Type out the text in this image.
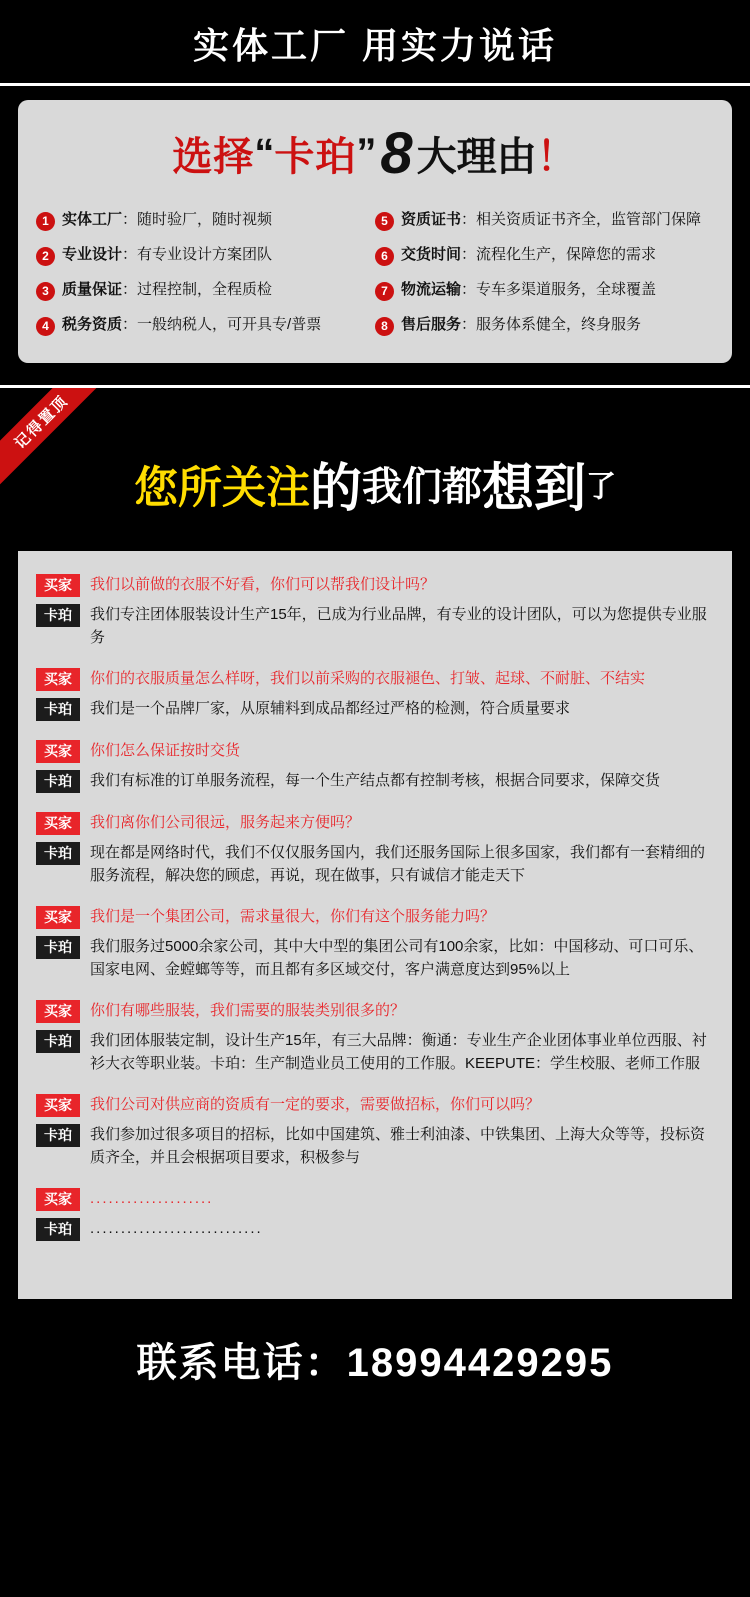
实体工厂 用实力说话
选择“卡珀”8 大理由！
1 实体工厂：随时验厂，随时视频	5 资质证书：相关资质证书齐全，监管部门保障
2 专业设计：有专业设计方案团队	6 交货时间：流程化生产，保障您的需求
3 质量保证：过程控制，全程质检	7 物流运输：专车多渠道服务，全球覆盖
4 税务资质：一般纳税人，可开具专/普票	8 售后服务：服务体系健全，终身服务
记得置顶
您所关注的我们都想到了
买家	我们以前做的衣服不好看，你们可以帮我们设计吗？
卡珀	我们专注团体服装设计生产15年，已成为行业品牌，有专业的设计团队，可以为您提供专业服务
买家	你们的衣服质量怎么样呀，我们以前采购的衣服褪色、打皱、起球、不耐脏、不结实
卡珀	我们是一个品牌厂家，从原辅料到成品都经过严格的检测，符合质量要求
买家	你们怎么保证按时交货
卡珀	我们有标准的订单服务流程，每一个生产结点都有控制考核，根据合同要求，保障交货
买家	我们离你们公司很远，服务起来方便吗？
卡珀	现在都是网络时代，我们不仅仅服务国内，我们还服务国际上很多国家，我们都有一套精细的服务流程，解决您的顾虑，再说，现在做事，只有诚信才能走天下
买家	我们是一个集团公司，需求量很大，你们有这个服务能力吗？
卡珀	我们服务过5000余家公司，其中大中型的集团公司有100余家，比如：中国移动、可口可乐、国家电网、金螳螂等等，而且都有多区域交付，客户满意度达到95%以上
买家	你们有哪些服装，我们需要的服装类别很多的？
卡珀	我们团体服装定制，设计生产15年，有三大品牌：衡通：专业生产企业团体事业单位西服、衬衫大衣等职业装。卡珀：生产制造业员工使用的工作服。KEEPUTE：学生校服、老师工作服
买家	我们公司对供应商的资质有一定的要求，需要做招标，你们可以吗？
卡珀	我们参加过很多项目的招标，比如中国建筑、雅士利油漆、中铁集团、上海大众等等，投标资质齐全，并且会根据项目要求，积极参与
买家	....................
卡珀	............................
联系电话：18994429295
